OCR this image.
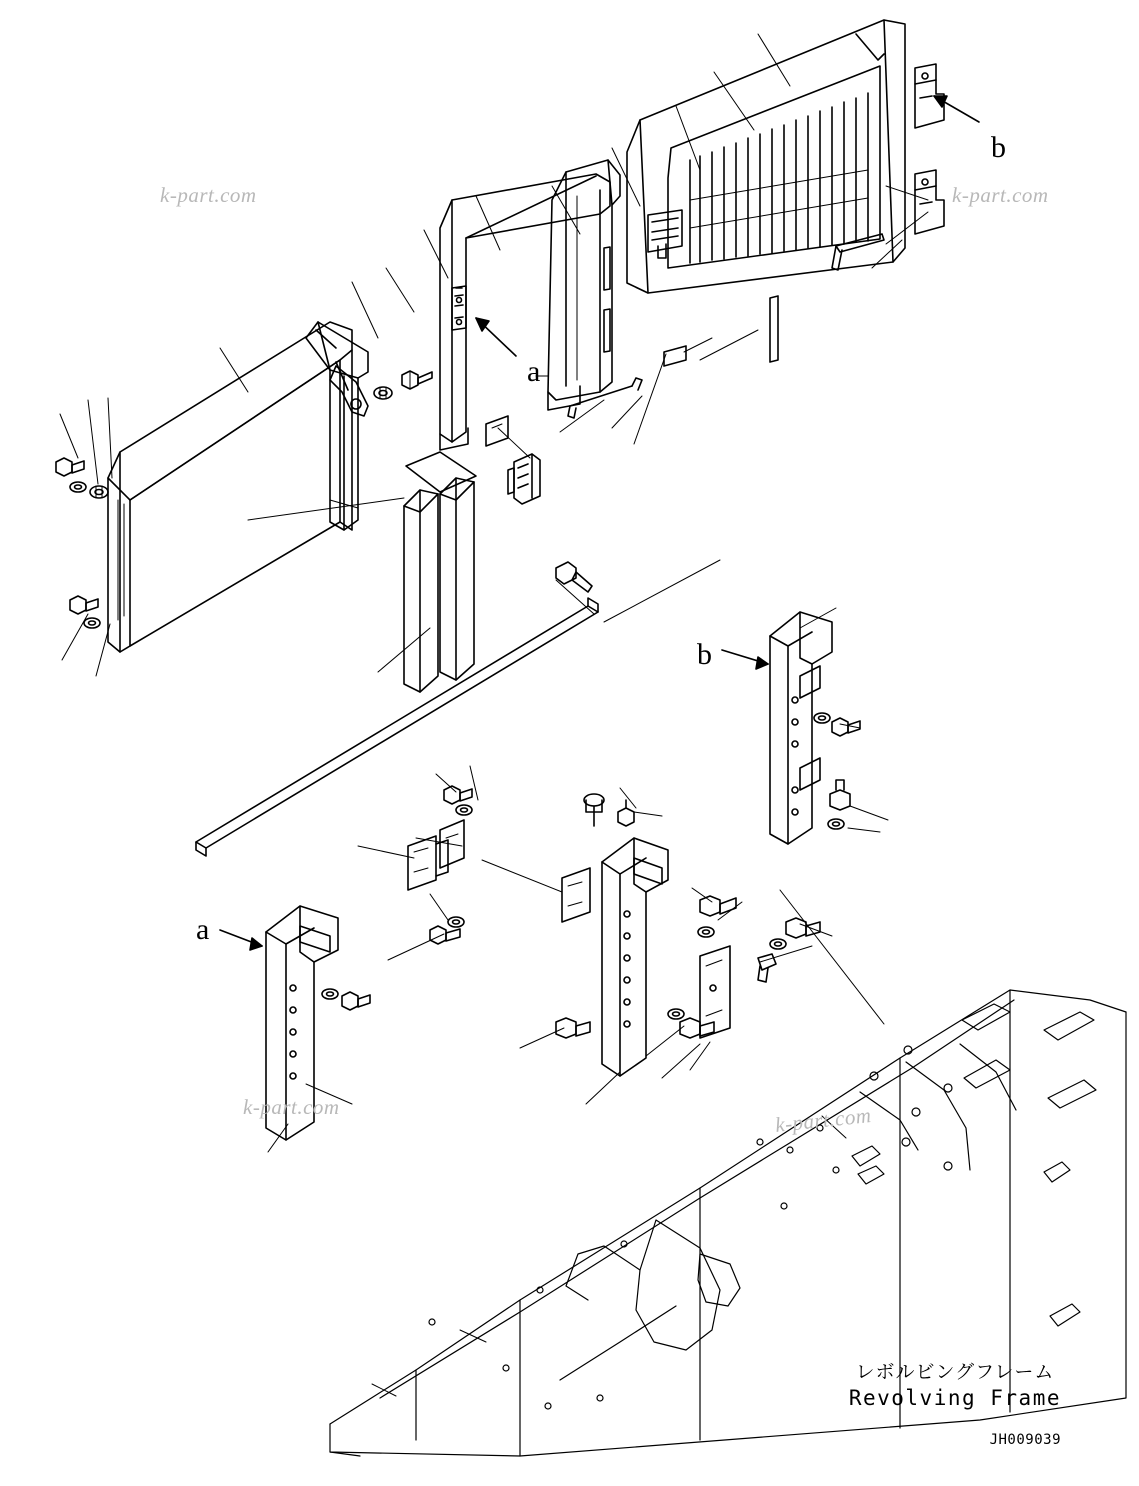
k-part.com	k-part.com
k-part.com	k-part.com
a
b
b
a
レボルビングフレーム
Revolving Frame
JH009039
